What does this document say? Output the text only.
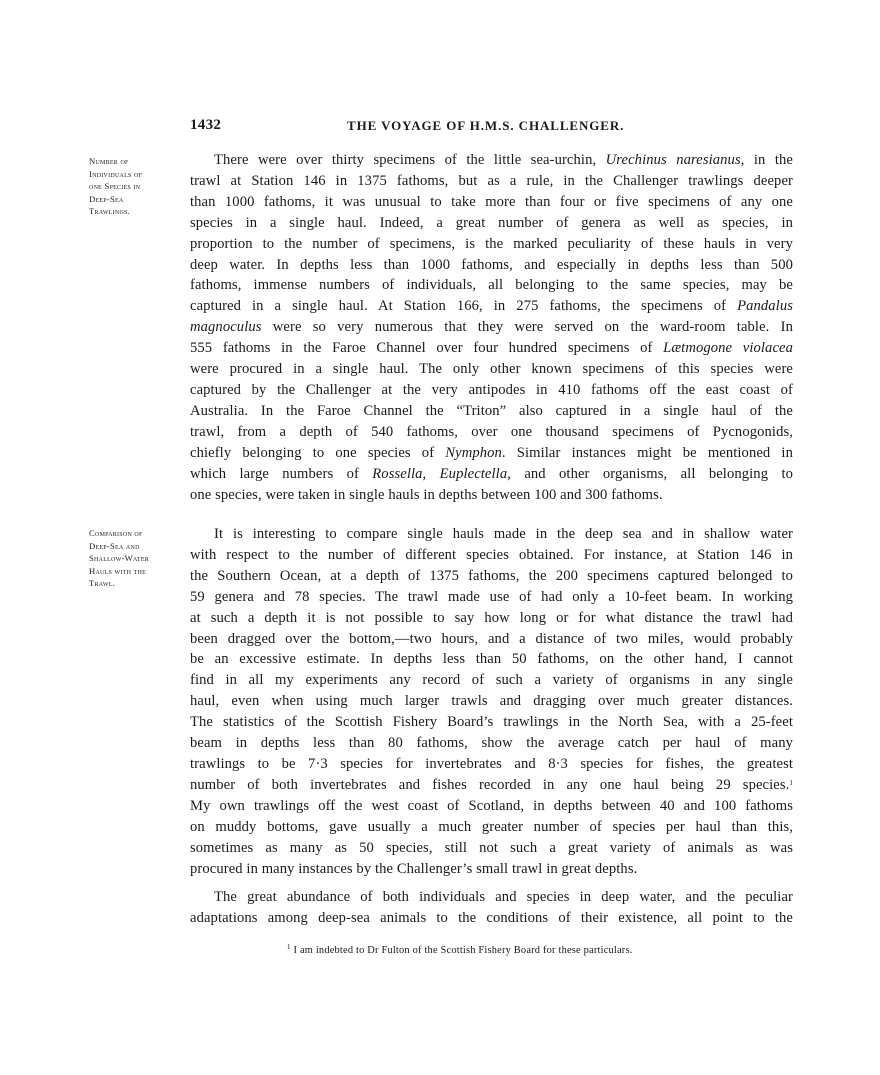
1432	THE VOYAGE OF H.M.S. CHALLENGER.
Number of
Individuals of
one Species in
Deep-Sea
Trawlings.
Comparison of
Deep-Sea and
Shallow-Water
Hauls with the
Trawl.
There were over thirty specimens of the little sea-urchin, Urechinus naresianus, in the
trawl at Station 146 in 1375 fathoms, but as a rule, in the Challenger trawlings deeper
than 1000 fathoms, it was unusual to take more than four or five specimens of any one
species in a single haul. Indeed, a great number of genera as well as species, in
proportion to the number of specimens, is the marked peculiarity of these hauls in very
deep water. In depths less than 1000 fathoms, and especially in depths less than 500
fathoms, immense numbers of individuals, all belonging to the same species, may be
captured in a single haul. At Station 166, in 275 fathoms, the specimens of Pandalus
magnoculus were so very numerous that they were served on the ward-room table. In
555 fathoms in the Faroe Channel over four hundred specimens of Lætmogone violacea
were procured in a single haul. The only other known specimens of this species were
captured by the Challenger at the very antipodes in 410 fathoms off the east coast of
Australia. In the Faroe Channel the “Triton” also captured in a single haul of the
trawl, from a depth of 540 fathoms, over one thousand specimens of Pycnogonids,
chiefly belonging to one species of Nymphon. Similar instances might be mentioned in
which large numbers of Rossella, Euplectella, and other organisms, all belonging to
one species, were taken in single hauls in depths between 100 and 300 fathoms.
It is interesting to compare single hauls made in the deep sea and in shallow water
with respect to the number of different species obtained. For instance, at Station 146 in
the Southern Ocean, at a depth of 1375 fathoms, the 200 specimens captured belonged to
59 genera and 78 species. The trawl made use of had only a 10-feet beam. In working
at such a depth it is not possible to say how long or for what distance the trawl had
been dragged over the bottom,—two hours, and a distance of two miles, would probably
be an excessive estimate. In depths less than 50 fathoms, on the other hand, I cannot
find in all my experiments any record of such a variety of organisms in any single
haul, even when using much larger trawls and dragging over much greater distances.
The statistics of the Scottish Fishery Board’s trawlings in the North Sea, with a 25-feet
beam in depths less than 80 fathoms, show the average catch per haul of many
trawlings to be 7·3 species for invertebrates and 8·3 species for fishes, the greatest
number of both invertebrates and fishes recorded in any one haul being 29 species.$^1$
My own trawlings off the west coast of Scotland, in depths between 40 and 100 fathoms
on muddy bottoms, gave usually a much greater number of species per haul than this,
sometimes as many as 50 species, still not such a great variety of animals as was
procured in many instances by the Challenger’s small trawl in great depths.
The great abundance of both individuals and species in deep water, and the peculiar
adaptations among deep-sea animals to the conditions of their existence, all point to the
$^1$ I am indebted to Dr Fulton of the Scottish Fishery Board for these particulars.
